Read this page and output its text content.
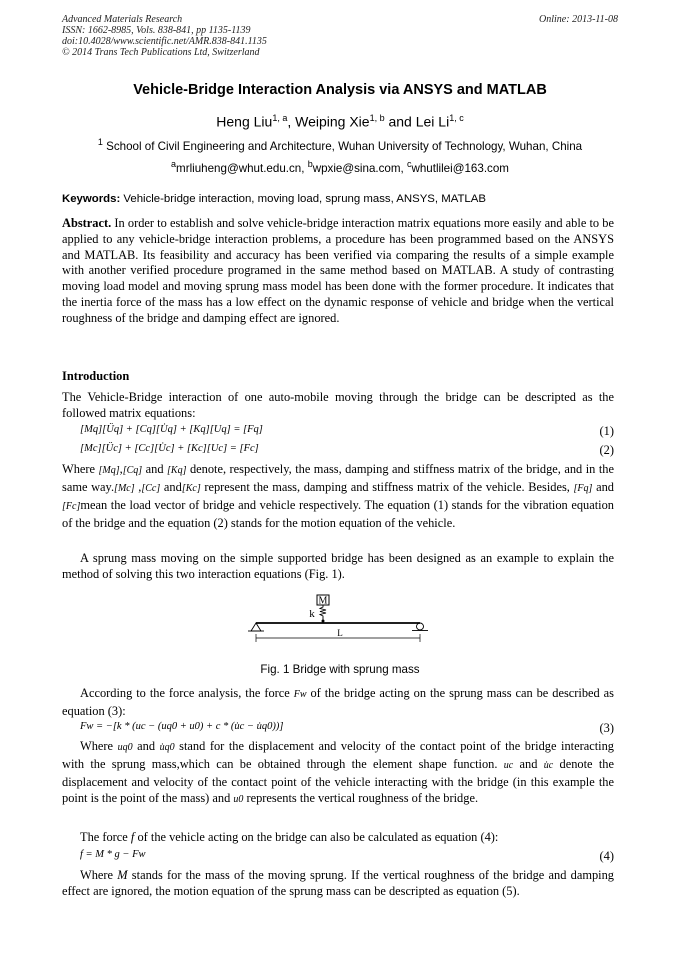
Advanced Materials Research
ISSN: 1662-8985, Vols. 838-841, pp 1135-1139
doi:10.4028/www.scientific.net/AMR.838-841.1135
© 2014 Trans Tech Publications Ltd, Switzerland
Online: 2013-11-08
Vehicle-Bridge Interaction Analysis via ANSYS and MATLAB
Heng Liu$^{1, a}$, Weiping Xie$^{1, b}$ and Lei Li$^{1, c}$
$^1$ School of Civil Engineering and Architecture, Wuhan University of Technology, Wuhan, China
$^a$mrliuheng@whut.edu.cn, $^b$wpxie@sina.com, $^c$whutlilei@163.com
Keywords: Vehicle-bridge interaction, moving load, sprung mass, ANSYS, MATLAB

Abstract. In order to establish and solve vehicle-bridge interaction matrix equations more easily and able to be applied to any vehicle-bridge interaction problems, a procedure has been programmed based on the ANSYS and MATLAB. Its feasibility and accuracy has been verified via comparing the results of a simple example with another verified procedure programed in the same method based on MATLAB. A study of contrasting moving load model and moving sprung mass model has been done with the former procedure. It indicates that the inertia force of the mass has a low effect on the dynamic response of vehicle and bridge when the vertical roughness of the bridge and damping effect are ignored.

Introduction

The Vehicle-Bridge interaction of one auto-mobile moving through the bridge can be descripted as the followed matrix equations:

[Mq][Üq] + [Cq][U̇q] + [Kq][Uq] = [Fq]	(1)
[Mc][Üc] + [Cc][U̇c] + [Kc][Uc] = [Fc]	(2)

Where [Mq],[Cq] and [Kq] denote, respectively, the mass, damping and stiffness matrix of the bridge, and in the same way.[Mc] ,[Cc] and[Kc] represent the mass, damping and stiffness matrix of the vehicle. Besides, [Fq] and [Fc]mean the load vector of bridge and vehicle respectively. The equation (1) stands for the vibration equation of the bridge and the equation (2) stands for the motion equation of the vehicle.

A sprung mass moving on the simple supported bridge has been designed as an example to explain the method of solving this two interaction equations (Fig. 1).

M
k
L
Fig. 1 Bridge with sprung mass

According to the force analysis, the force Fw of the bridge acting on the sprung mass can be described as equation (3):

Fw = −[k * (uc − (uq0 + u0) + c * (u̇c − u̇q0))]	(3)

Where uq0 and u̇q0 stand for the displacement and velocity of the contact point of the bridge interacting with the sprung mass,which can be obtained through the element shape function. uc and u̇c denote the displacement and velocity of the contact point of the vehicle interacting with the bridge (in this example the point is the point of the mass) and u0 represents the vertical roughness of the bridge.

The force f of the vehicle acting on the bridge can also be calculated as equation (4):

f = M * g − Fw	(4)

Where M stands for the mass of the moving sprung. If the vertical roughness of the bridge and damping effect are ignored, the motion equation of the sprung mass can be descripted as equation (5).
